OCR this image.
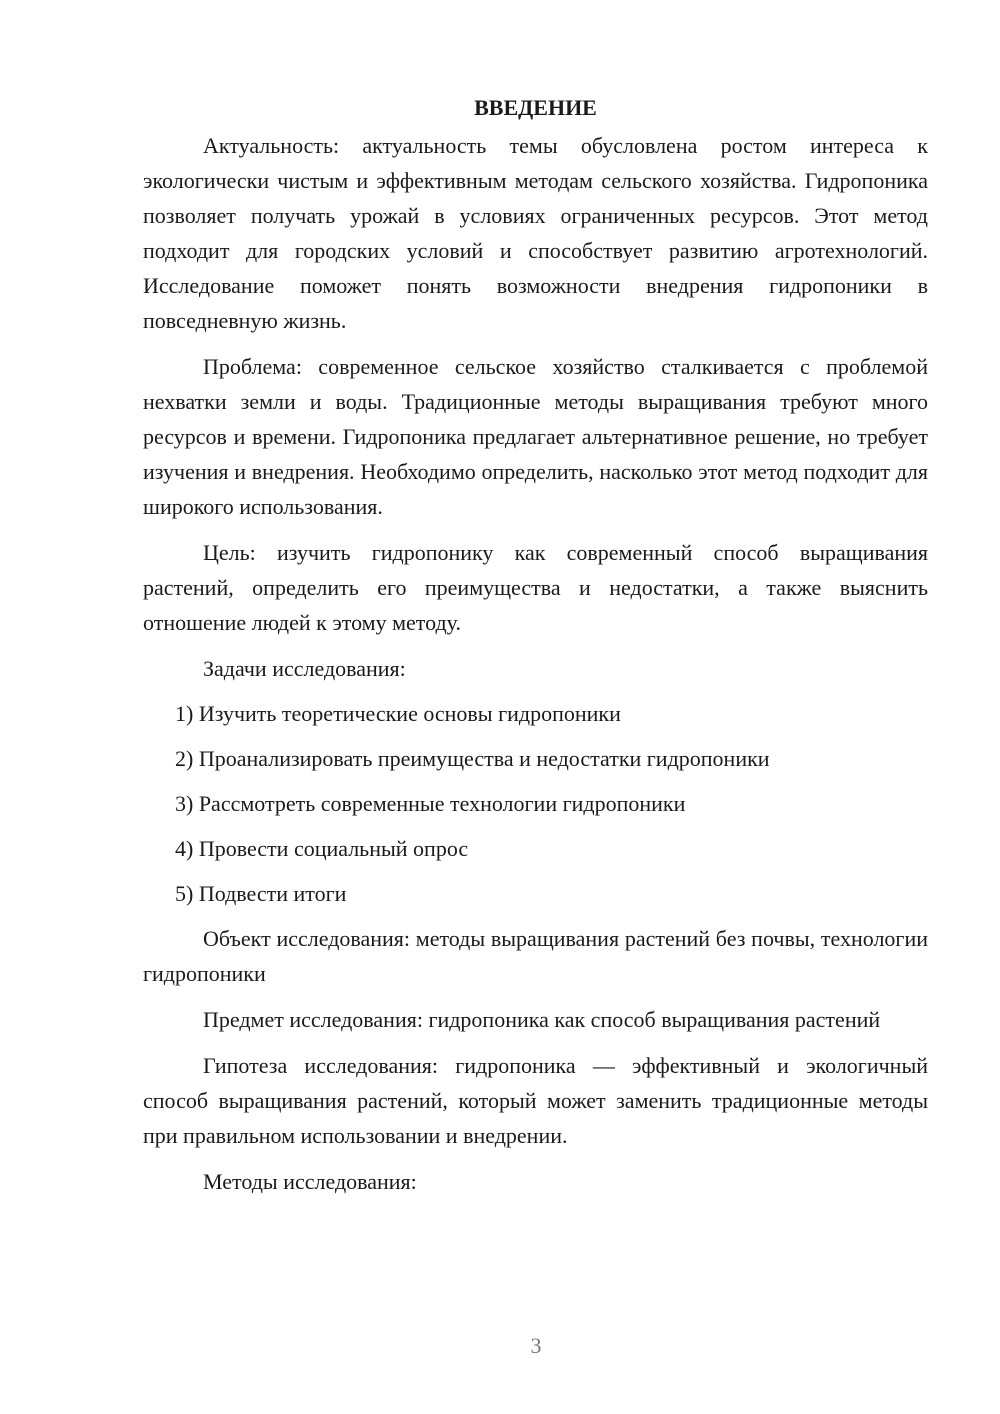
ВВЕДЕНИЕ

Актуальность: актуальность темы обусловлена ростом интереса к экологически чистым и эффективным методам сельского хозяйства. Гидропоника позволяет получать урожай в условиях ограниченных ресурсов. Этот метод подходит для городских условий и способствует развитию агротехнологий. Исследование поможет понять возможности внедрения гидропоники в повседневную жизнь.

Проблема: современное сельское хозяйство сталкивается с проблемой нехватки земли и воды. Традиционные методы выращивания требуют много ресурсов и времени. Гидропоника предлагает альтернативное решение, но требует изучения и внедрения. Необходимо определить, насколько этот метод подходит для широкого использования.

Цель: изучить гидропонику как современный способ выращивания растений, определить его преимущества и недостатки, а также выяснить отношение людей к этому методу.

Задачи исследования:

1) Изучить теоретические основы гидропоники
2) Проанализировать преимущества и недостатки гидропоники
3) Рассмотреть современные технологии гидропоники
4) Провести социальный опрос
5) Подвести итоги

Объект исследования: методы выращивания растений без почвы, технологии гидропоники

Предмет исследования: гидропоника как способ выращивания растений

Гипотеза исследования: гидропоника — эффективный и экологичный способ выращивания растений, который может заменить традиционные методы при правильном использовании и внедрении.

Методы исследования:

3
